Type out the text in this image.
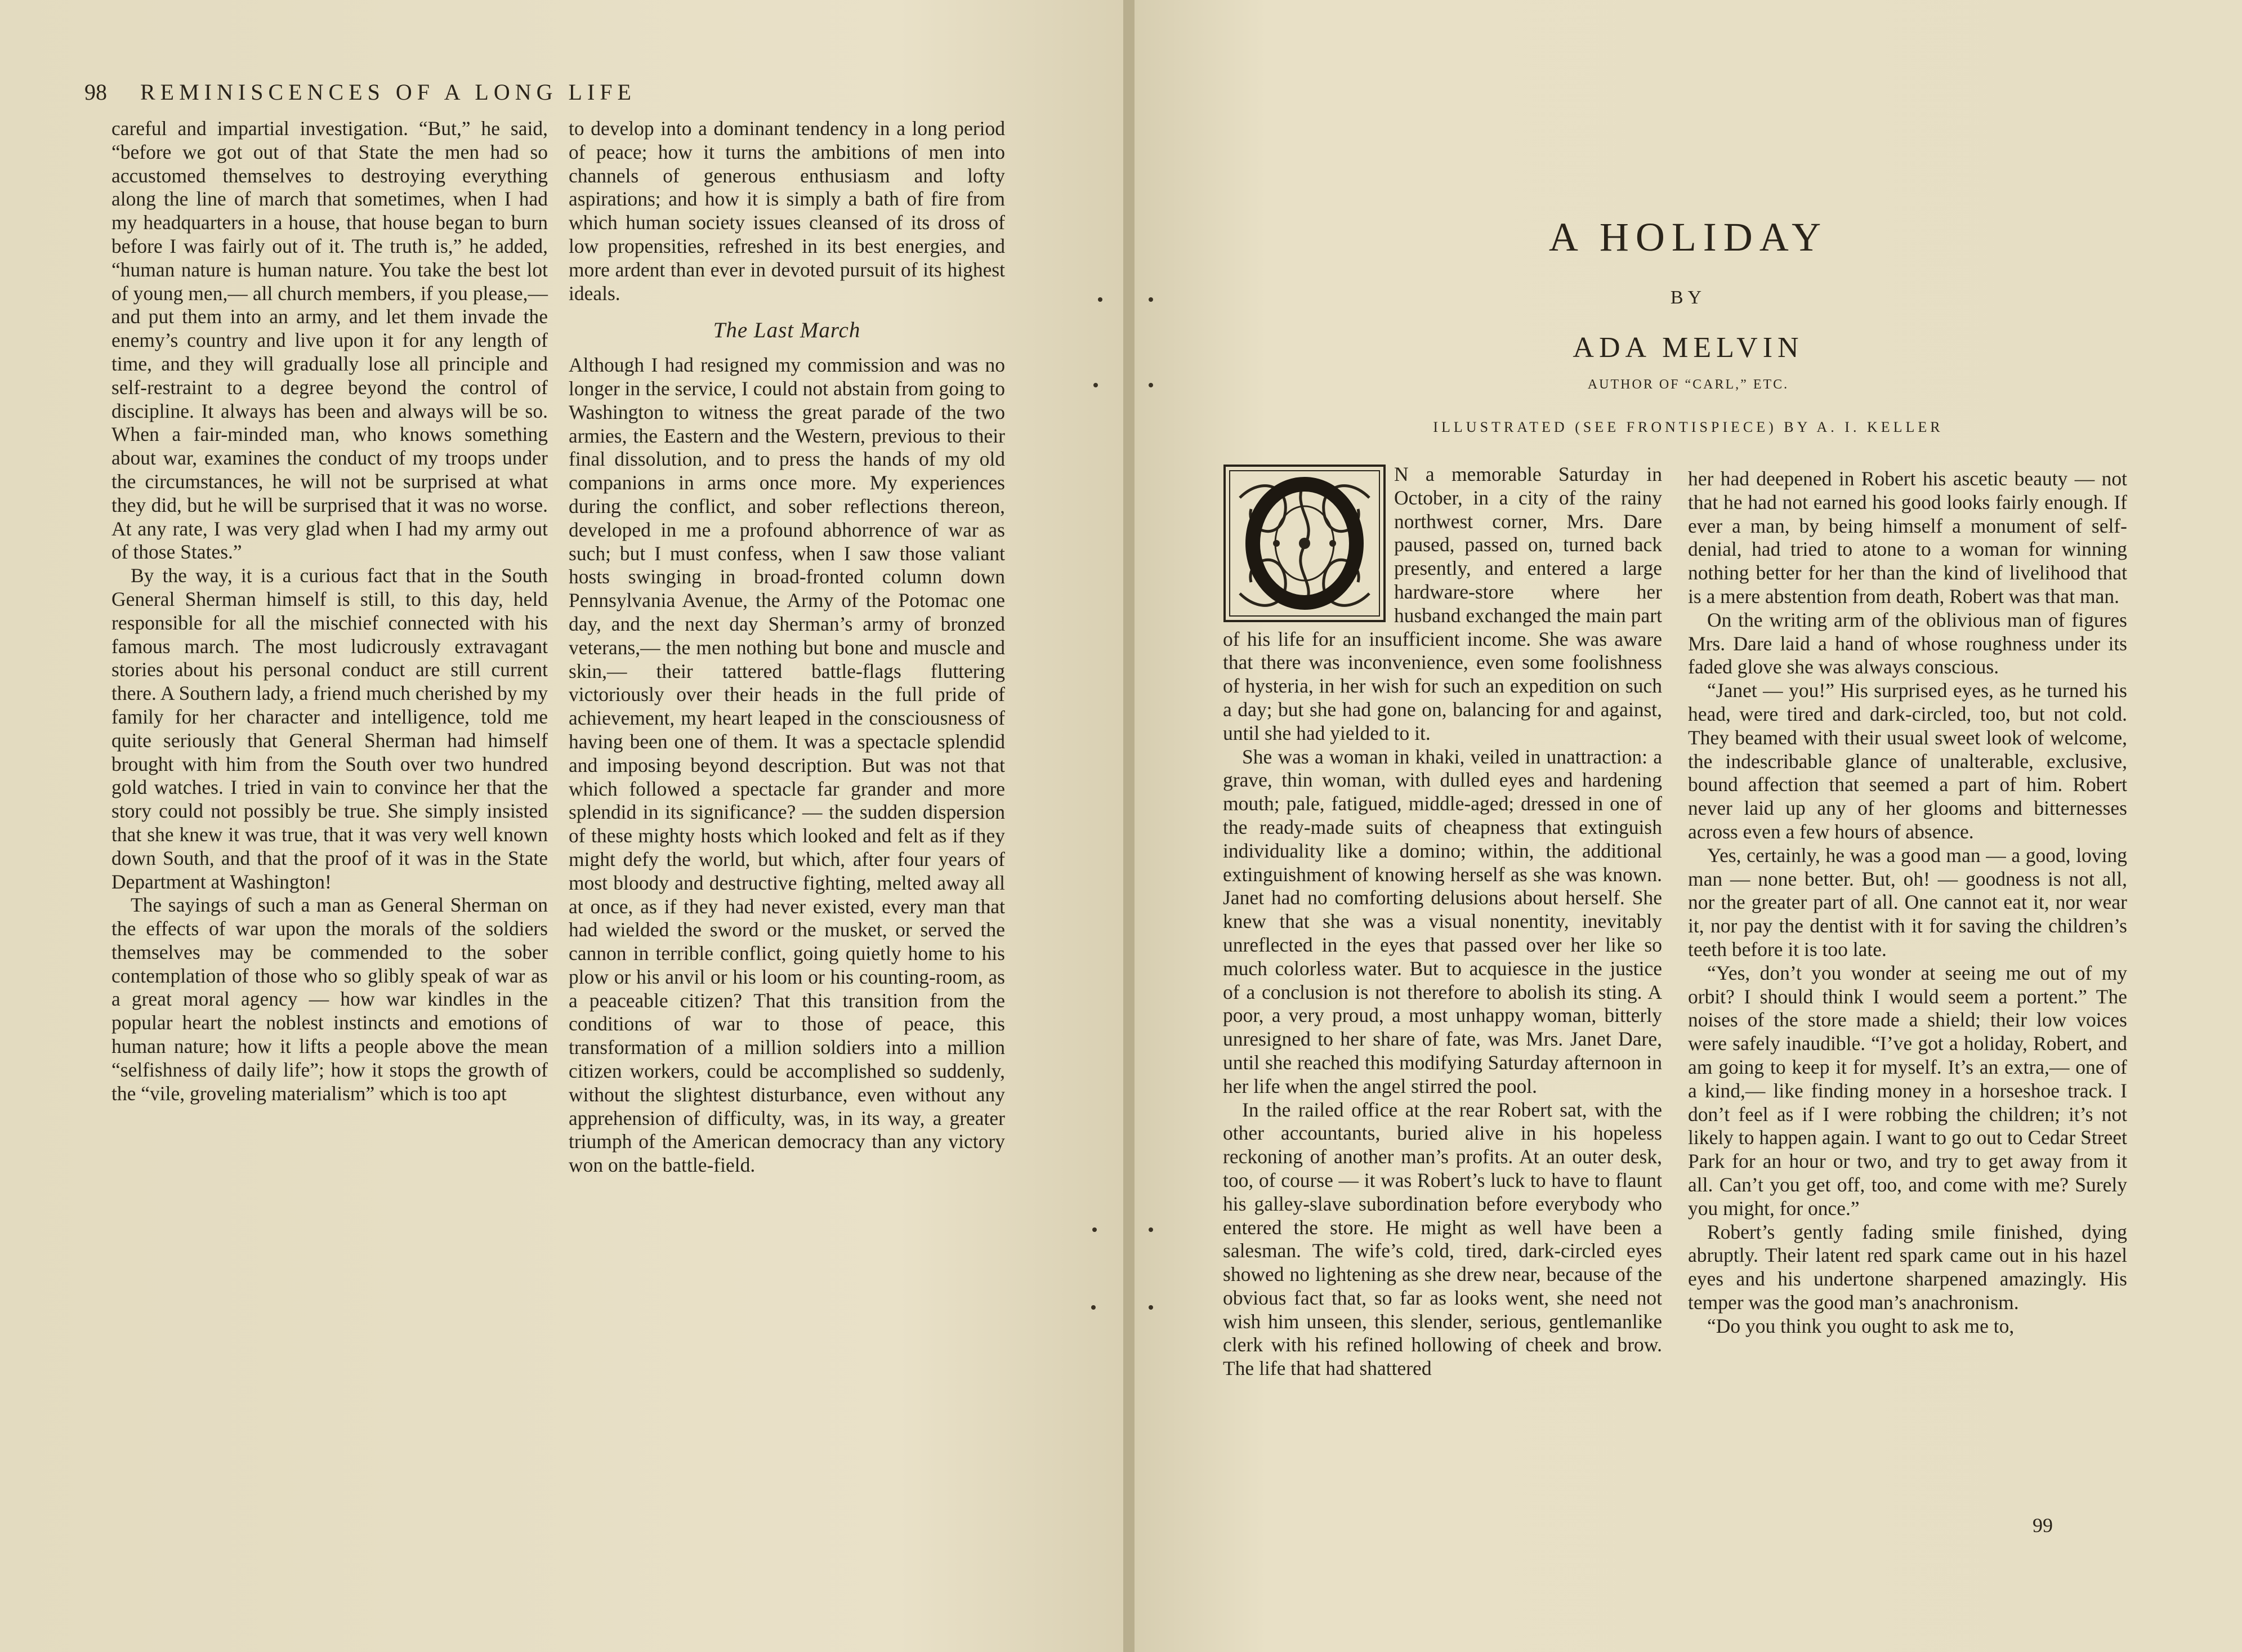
98 REMINISCENCES OF A LONG LIFE

careful and impartial investigation. “But,” he said, “before we got out of that State the men had so accustomed themselves to destroying everything along the line of march that sometimes, when I had my headquarters in a house, that house began to burn before I was fairly out of it. The truth is,” he added, “human nature is human nature. You take the best lot of young men,— all church members, if you please,— and put them into an army, and let them invade the enemy’s country and live upon it for any length of time, and they will gradually lose all principle and self-restraint to a degree beyond the control of discipline. It always has been and always will be so. When a fair-minded man, who knows something about war, examines the conduct of my troops under the circumstances, he will not be surprised at what they did, but he will be surprised that it was no worse. At any rate, I was very glad when I had my army out of those States.”

By the way, it is a curious fact that in the South General Sherman himself is still, to this day, held responsible for all the mischief connected with his famous march. The most ludicrously extravagant stories about his personal conduct are still current there. A Southern lady, a friend much cherished by my family for her character and intelligence, told me quite seriously that General Sherman had himself brought with him from the South over two hundred gold watches. I tried in vain to convince her that the story could not possibly be true. She simply insisted that she knew it was true, that it was very well known down South, and that the proof of it was in the State Department at Washington!

The sayings of such a man as General Sherman on the effects of war upon the morals of the soldiers themselves may be commended to the sober contemplation of those who so glibly speak of war as a great moral agency — how war kindles in the popular heart the noblest instincts and emotions of human nature; how it lifts a people above the mean “selfishness of daily life”; how it stops the growth of the “vile, groveling materialism” which is too apt

to develop into a dominant tendency in a long period of peace; how it turns the ambitions of men into channels of generous enthusiasm and lofty aspirations; and how it is simply a bath of fire from which human society issues cleansed of its dross of low propensities, refreshed in its best energies, and more ardent than ever in devoted pursuit of its highest ideals.

The Last March

Although I had resigned my commission and was no longer in the service, I could not abstain from going to Washington to witness the great parade of the two armies, the Eastern and the Western, previous to their final dissolution, and to press the hands of my old companions in arms once more. My experiences during the conflict, and sober reflections thereon, developed in me a profound abhorrence of war as such; but I must confess, when I saw those valiant hosts swinging in broad-fronted column down Pennsylvania Avenue, the Army of the Potomac one day, and the next day Sherman’s army of bronzed veterans,— the men nothing but bone and muscle and skin,— their tattered battle-flags fluttering victoriously over their heads in the full pride of achievement, my heart leaped in the consciousness of having been one of them. It was a spectacle splendid and imposing beyond description. But was not that which followed a spectacle far grander and more splendid in its significance? — the sudden dispersion of these mighty hosts which looked and felt as if they might defy the world, but which, after four years of most bloody and destructive fighting, melted away all at once, as if they had never existed, every man that had wielded the sword or the musket, or served the cannon in terrible conflict, going quietly home to his plow or his anvil or his loom or his counting-room, as a peaceable citizen? That this transition from the conditions of war to those of peace, this transformation of a million soldiers into a million citizen workers, could be accomplished so suddenly, without the slightest disturbance, even without any apprehension of difficulty, was, in its way, a greater triumph of the American democracy than any victory won on the battle-field.

A HOLIDAY
BY
ADA MELVIN
AUTHOR OF “CARL,” ETC.
ILLUSTRATED (SEE FRONTISPIECE) BY A. I. KELLER

N a memorable Saturday in October, in a city of the rainy northwest corner, Mrs. Dare paused, passed on, turned back presently, and entered a large hardware-store where her husband exchanged the main part of his life for an insufficient income. She was aware that there was inconvenience, even some foolishness of hysteria, in her wish for such an expedition on such a day; but she had gone on, balancing for and against, until she had yielded to it.

She was a woman in khaki, veiled in unattraction: a grave, thin woman, with dulled eyes and hardening mouth; pale, fatigued, middle-aged; dressed in one of the ready-made suits of cheapness that extinguish individuality like a domino; within, the additional extinguishment of knowing herself as she was known. Janet had no comforting delusions about herself. She knew that she was a visual nonentity, inevitably unreflected in the eyes that passed over her like so much colorless water. But to acquiesce in the justice of a conclusion is not therefore to abolish its sting. A poor, a very proud, a most unhappy woman, bitterly unresigned to her share of fate, was Mrs. Janet Dare, until she reached this modifying Saturday afternoon in her life when the angel stirred the pool.

In the railed office at the rear Robert sat, with the other accountants, buried alive in his hopeless reckoning of another man’s profits. At an outer desk, too, of course — it was Robert’s luck to have to flaunt his galley-slave subordination before everybody who entered the store. He might as well have been a salesman. The wife’s cold, tired, dark-circled eyes showed no lightening as she drew near, because of the obvious fact that, so far as looks went, she need not wish him unseen, this slender, serious, gentlemanlike clerk with his refined hollowing of cheek and brow. The life that had shattered

her had deepened in Robert his ascetic beauty — not that he had not earned his good looks fairly enough. If ever a man, by being himself a monument of self-denial, had tried to atone to a woman for winning nothing better for her than the kind of livelihood that is a mere abstention from death, Robert was that man.

On the writing arm of the oblivious man of figures Mrs. Dare laid a hand of whose roughness under its faded glove she was always conscious.

“Janet — you!” His surprised eyes, as he turned his head, were tired and dark-circled, too, but not cold. They beamed with their usual sweet look of welcome, the indescribable glance of unalterable, exclusive, bound affection that seemed a part of him. Robert never laid up any of her glooms and bitternesses across even a few hours of absence.

Yes, certainly, he was a good man — a good, loving man — none better. But, oh! — goodness is not all, nor the greater part of all. One cannot eat it, nor wear it, nor pay the dentist with it for saving the children’s teeth before it is too late.

“Yes, don’t you wonder at seeing me out of my orbit? I should think I would seem a portent.” The noises of the store made a shield; their low voices were safely inaudible. “I’ve got a holiday, Robert, and am going to keep it for myself. It’s an extra,— one of a kind,— like finding money in a horseshoe track. I don’t feel as if I were robbing the children; it’s not likely to happen again. I want to go out to Cedar Street Park for an hour or two, and try to get away from it all. Can’t you get off, too, and come with me? Surely you might, for once.”

Robert’s gently fading smile finished, dying abruptly. Their latent red spark came out in his hazel eyes and his undertone sharpened amazingly. His temper was the good man’s anachronism.

“Do you think you ought to ask me to,

99
